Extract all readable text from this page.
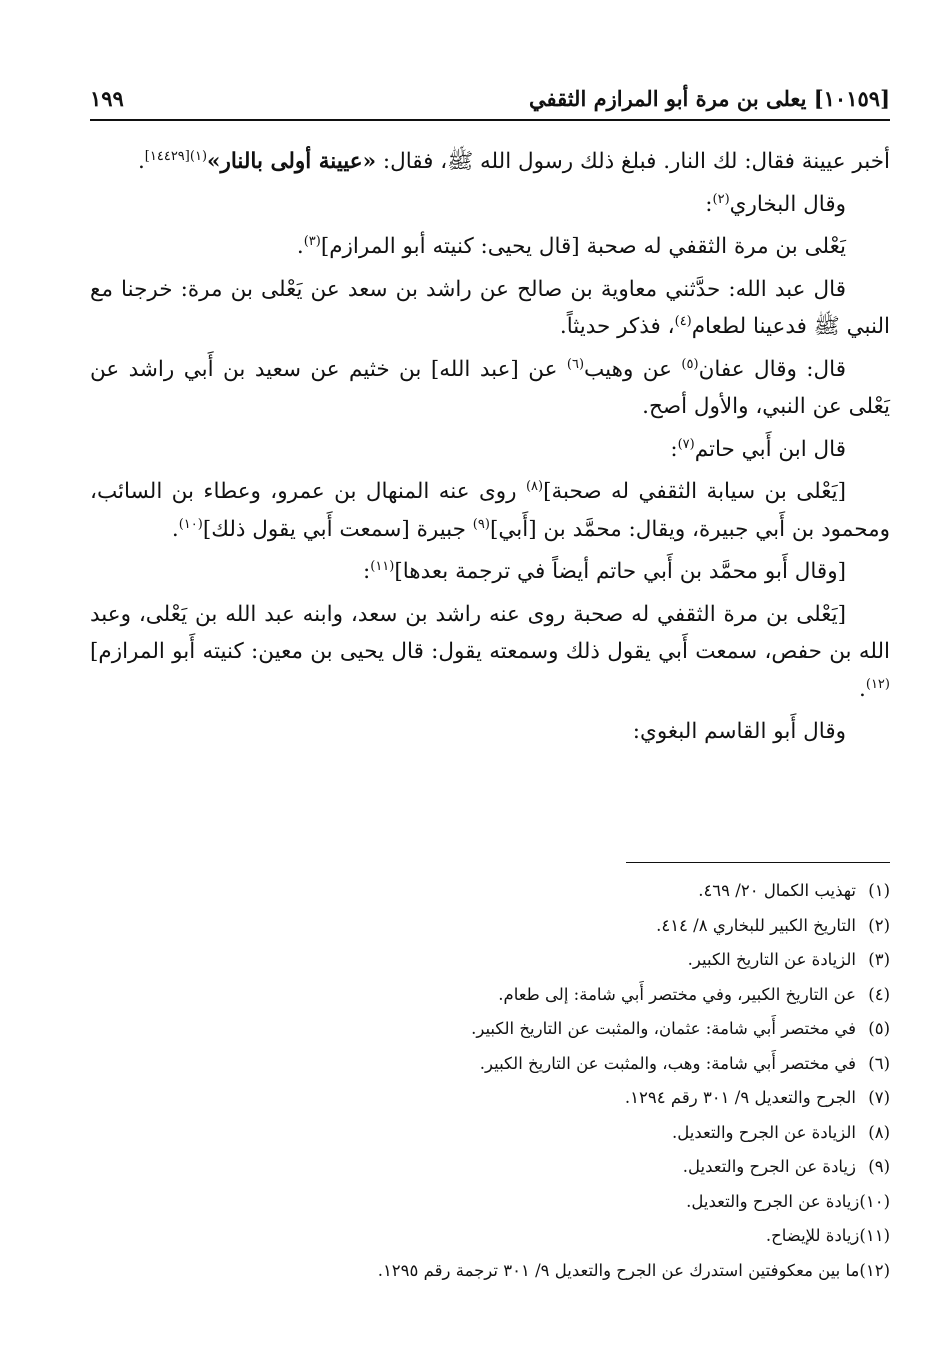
[١٠١٥٩] يعلى بن مرة أبو المرازم الثقفي
١٩٩

أخبر عيينة فقال: لك النار. فبلغ ذلك رسول الله ﷺ، فقال: «عيينة أولى بالنار»$^{(١)[١٤٤٢٩]}$.

وقال البخاري$^{(٢)}$:

يَعْلى بن مرة الثقفي له صحبة [قال يحيى: كنيته أبو المرازم]$^{(٣)}$.

قال عبد الله: حدَّثني معاوية بن صالح عن راشد بن سعد عن يَعْلى بن مرة: خرجنا مع النبي ﷺ فدعينا لطعام$^{(٤)}$، فذكر حديثاً.

قال: وقال عفان$^{(٥)}$ عن وهيب$^{(٦)}$ عن [عبد الله] بن خثيم عن سعيد بن أَبي راشد عن يَعْلى عن النبي، والأول أصح.

قال ابن أَبي حاتم$^{(٧)}$:

[يَعْلى بن سيابة الثقفي له صحبة]$^{(٨)}$ روى عنه المنهال بن عمرو، وعطاء بن السائب، ومحمود بن أَبي جبيرة، ويقال: محمَّد بن [أَبي]$^{(٩)}$ جبيرة [سمعت أَبي يقول ذلك]$^{(١٠)}$.

[وقال أَبو محمَّد بن أَبي حاتم أيضاً في ترجمة بعدها]$^{(١١)}$:

[يَعْلى بن مرة الثقفي له صحبة روى عنه راشد بن سعد، وابنه عبد الله بن يَعْلى، وعبد الله بن حفص، سمعت أَبي يقول ذلك وسمعته يقول: قال يحيى بن معين: كنيته أَبو المرازم]$^{(١٢)}$.

وقال أَبو القاسم البغوي:

(١)
تهذيب الكمال ٢٠/ ٤٦٩.
(٢)
التاريخ الكبير للبخاري ٨/ ٤١٤.
(٣)
الزيادة عن التاريخ الكبير.
(٤)
عن التاريخ الكبير، وفي مختصر أَبي شامة: إلى طعام.
(٥)
في مختصر أَبي شامة: عثمان، والمثبت عن التاريخ الكبير.
(٦)
في مختصر أَبي شامة: وهب، والمثبت عن التاريخ الكبير.
(٧)
الجرح والتعديل ٩/ ٣٠١ رقم ١٢٩٤.
(٨)
الزيادة عن الجرح والتعديل.
(٩)
زيادة عن الجرح والتعديل.
(١٠)
زيادة عن الجرح والتعديل.
(١١)
زيادة للإيضاح.
(١٢)
ما بين معكوفتين استدرك عن الجرح والتعديل ٩/ ٣٠١ ترجمة رقم ١٢٩٥.
